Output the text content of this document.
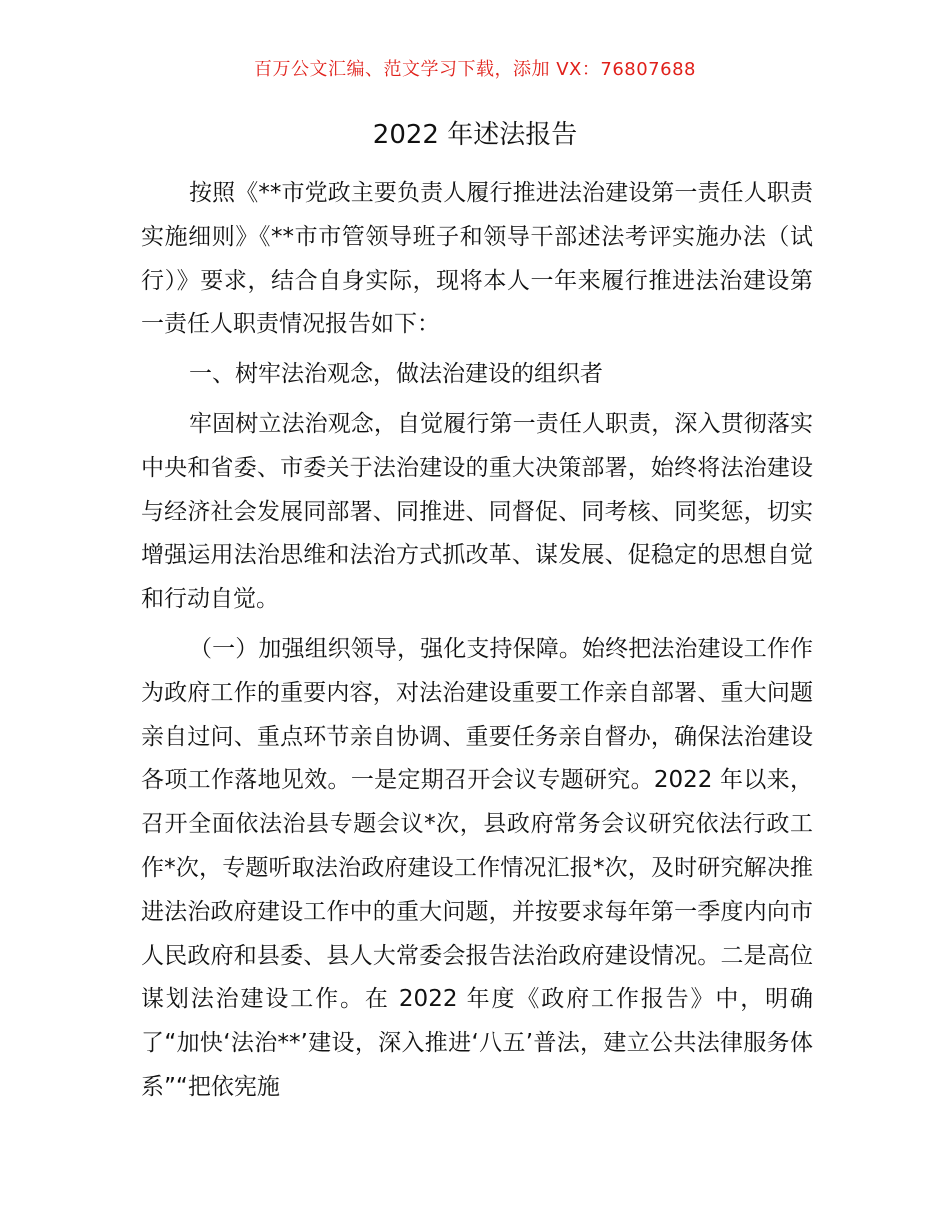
百万公文汇编、范文学习下载，添加 VX：76807688
2022 年述法报告

按照《**市党政主要负责人履行推进法治建设第一责任人职责实施细则》《**市市管领导班子和领导干部述法考评实施办法（试行）》要求，结合自身实际，现将本人一年来履行推进法治建设第一责任人职责情况报告如下：

一、树牢法治观念，做法治建设的组织者

牢固树立法治观念，自觉履行第一责任人职责，深入贯彻落实中央和省委、市委关于法治建设的重大决策部署，始终将法治建设与经济社会发展同部署、同推进、同督促、同考核、同奖惩，切实增强运用法治思维和法治方式抓改革、谋发展、促稳定的思想自觉和行动自觉。

（一）加强组织领导，强化支持保障。始终把法治建设工作作为政府工作的重要内容，对法治建设重要工作亲自部署、重大问题亲自过问、重点环节亲自协调、重要任务亲自督办，确保法治建设各项工作落地见效。一是定期召开会议专题研究。2022 年以来，召开全面依法治县专题会议*次，县政府常务会议研究依法行政工作*次，专题听取法治政府建设工作情况汇报*次，及时研究解决推进法治政府建设工作中的重大问题，并按要求每年第一季度内向市人民政府和县委、县人大常委会报告法治政府建设情况。二是高位谋划法治建设工作。在 2022 年度《政府工作报告》中，明确了“加快‘法治**’建设，深入推进‘八五’普法，建立公共法律服务体系”“把依宪施
